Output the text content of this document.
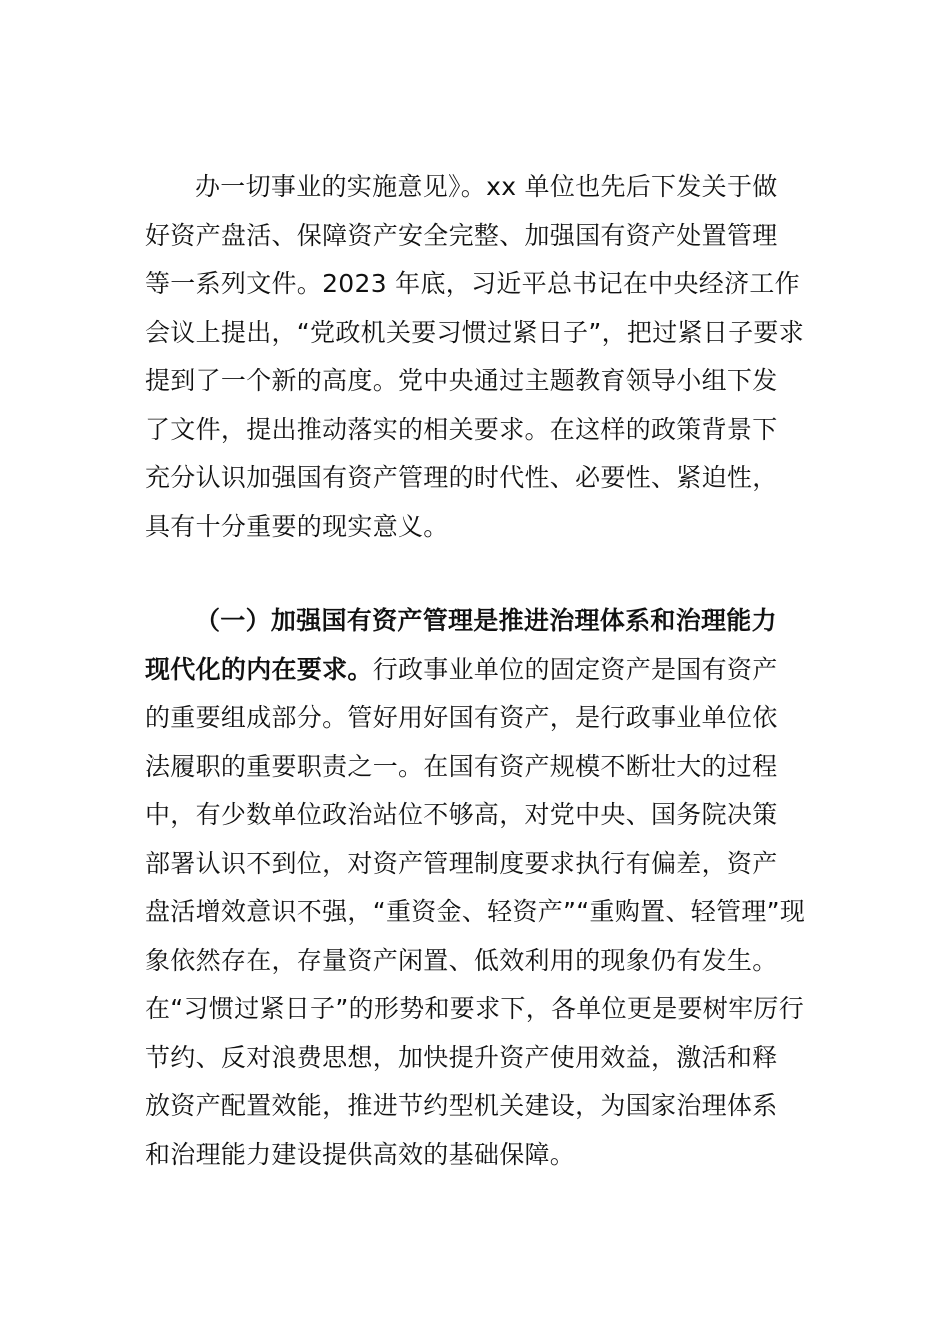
办一切事业的实施意见》。xx 单位也先后下发关于做
好资产盘活、保障资产安全完整、加强国有资产处置管理
等一系列文件。2023 年底，习近平总书记在中央经济工作
会议上提出，“党政机关要习惯过紧日子”，把过紧日子要求
提到了一个新的高度。党中央通过主题教育领导小组下发
了文件，提出推动落实的相关要求。在这样的政策背景下
充分认识加强国有资产管理的时代性、必要性、紧迫性，
具有十分重要的现实意义。
（一）加强国有资产管理是推进治理体系和治理能力
现代化的内在要求。行政事业单位的固定资产是国有资产
的重要组成部分。管好用好国有资产，是行政事业单位依
法履职的重要职责之一。在国有资产规模不断壮大的过程
中，有少数单位政治站位不够高，对党中央、国务院决策
部署认识不到位，对资产管理制度要求执行有偏差，资产
盘活增效意识不强，“重资金、轻资产”“重购置、轻管理”现
象依然存在，存量资产闲置、低效利用的现象仍有发生。
在“习惯过紧日子”的形势和要求下，各单位更是要树牢厉行
节约、反对浪费思想，加快提升资产使用效益，激活和释
放资产配置效能，推进节约型机关建设，为国家治理体系
和治理能力建设提供高效的基础保障。
